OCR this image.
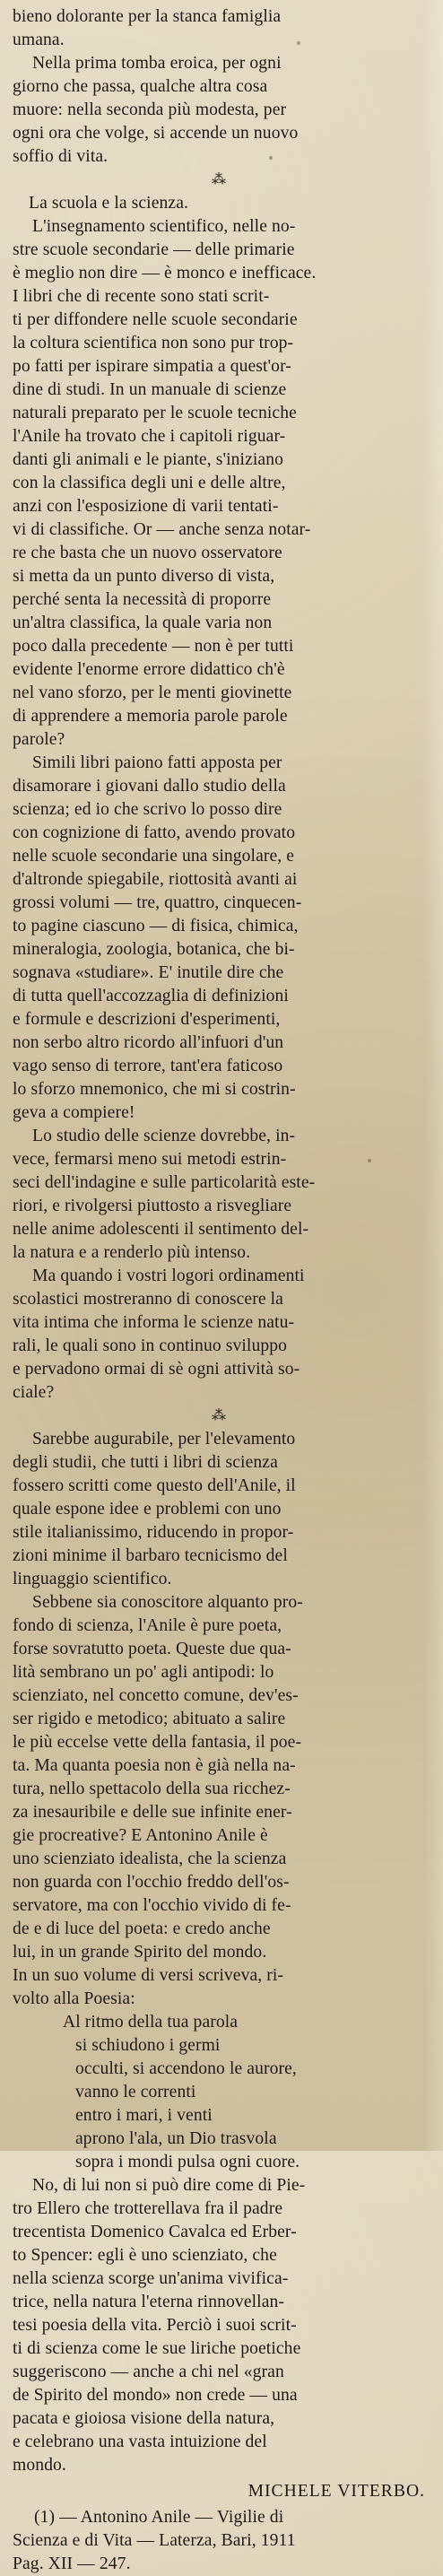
bieno dolorante per la stanca famiglia
umana.
Nella prima tomba eroica, per ogni
giorno che passa, qualche altra cosa
muore: nella seconda più modesta, per
ogni ora che volge, si accende un nuovo
soffio di vita.
⁂
La scuola e la scienza.
L'insegnamento scientifico, nelle no-
stre scuole secondarie — delle primarie
è meglio non dire — è monco e inefficace.
I libri che di recente sono stati scrit-
ti per diffondere nelle scuole secondarie
la coltura scientifica non sono pur trop-
po fatti per ispirare simpatia a quest'or-
dine di studi. In un manuale di scienze
naturali preparato per le scuole tecniche
l'Anile ha trovato che i capitoli riguar-
danti gli animali e le piante, s'iniziano
con la classifica degli uni e delle altre,
anzi con l'esposizione di varii tentati-
vi di classifiche. Or — anche senza notar-
re che basta che un nuovo osservatore
si metta da un punto diverso di vista,
perché senta la necessità di proporre
un'altra classifica, la quale varia non
poco dalla precedente — non è per tutti
evidente l'enorme errore didattico ch'è
nel vano sforzo, per le menti giovinette
di apprendere a memoria parole parole
parole?
Simili libri paiono fatti apposta per
disamorare i giovani dallo studio della
scienza; ed io che scrivo lo posso dire
con cognizione di fatto, avendo provato
nelle scuole secondarie una singolare, e
d'altronde spiegabile, riottosità avanti ai
grossi volumi — tre, quattro, cinquecen-
to pagine ciascuno — di fisica, chimica,
mineralogia, zoologia, botanica, che bi-
sognava «studiare». E' inutile dire che
di tutta quell'accozzaglia di definizioni
e formule e descrizioni d'esperimenti,
non serbo altro ricordo all'infuori d'un
vago senso di terrore, tant'era faticoso
lo sforzo mnemonico, che mi si costrin-
geva a compiere!
Lo studio delle scienze dovrebbe, in-
vece, fermarsi meno sui metodi estrin-
seci dell'indagine e sulle particolarità este-
riori, e rivolgersi piuttosto a risvegliare
nelle anime adolescenti il sentimento del-
la natura e a renderlo più intenso.
Ma quando i vostri logori ordinamenti
scolastici mostreranno di conoscere la
vita intima che informa le scienze natu-
rali, le quali sono in continuo sviluppo
e pervadono ormai di sè ogni attività so-
ciale?
⁂
Sarebbe augurabile, per l'elevamento
degli studii, che tutti i libri di scienza
fossero scritti come questo dell'Anile, il
quale espone idee e problemi con uno
stile italianissimo, riducendo in propor-
zioni minime il barbaro tecnicismo del
linguaggio scientifico.
Sebbene sia conoscitore alquanto pro-
fondo di scienza, l'Anile è pure poeta,
forse sovratutto poeta. Queste due qua-
lità sembrano un po' agli antipodi: lo
scienziato, nel concetto comune, dev'es-
ser rigido e metodico; abituato a salire
le più eccelse vette della fantasia, il poe-
ta. Ma quanta poesia non è già nella na-
tura, nello spettacolo della sua ricchez-
za inesauribile e delle sue infinite ener-
gie procreative? E Antonino Anile è
uno scienziato idealista, che la scienza
non guarda con l'occhio freddo dell'os-
servatore, ma con l'occhio vivido di fe-
de e di luce del poeta: e credo anche
lui, in un grande Spirito del mondo.
In un suo volume di versi scriveva, ri-
volto alla Poesia:
Al ritmo della tua parola
si schiudono i germi
occulti, si accendono le aurore,
vanno le correnti
entro i mari, i venti
aprono l'ala, un Dio trasvola
sopra i mondi pulsa ogni cuore.
No, di lui non si può dire come di Pie-
tro Ellero che trotterellava fra il padre
trecentista Domenico Cavalca ed Erber-
to Spencer: egli è uno scienziato, che
nella scienza scorge un'anima vivifica-
trice, nella natura l'eterna rinnovellan-
tesi poesia della vita. Perciò i suoi scrit-
ti di scienza come le sue liriche poetiche
suggeriscono — anche a chi nel «gran
de Spirito del mondo» non crede — una
pacata e gioiosa visione della natura,
e celebrano una vasta intuizione del
mondo.
MICHELE VITERBO.
(1) — Antonino Anile — Vigilie di
Scienza e di Vita — Laterza, Bari, 1911
Pag. XII — 247.
